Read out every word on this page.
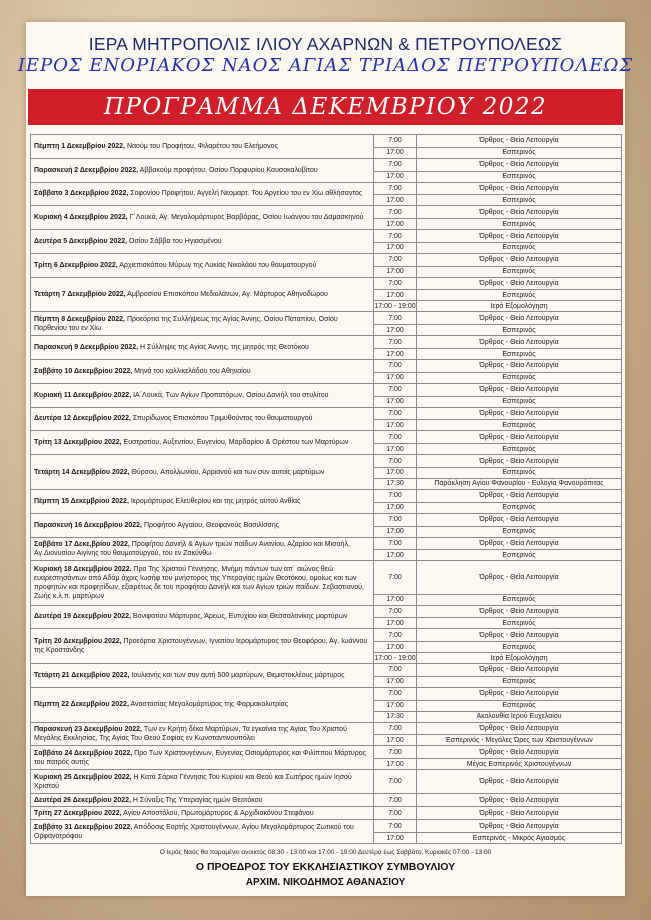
ΙΕΡΑ ΜΗΤΡΟΠΟΛΙΣ ΙΛΙΟΥ ΑΧΑΡΝΩΝ & ΠΕΤΡΟΥΠΟΛΕΩΣ
ΙΕΡΟΣ ΕΝΟΡΙΑΚΟΣ ΝΑΟΣ ΑΓΙΑΣ ΤΡΙΑΔΟΣ ΠΕΤΡΟΥΠΟΛΕΩΣ
ΠΡΟΓΡΑΜΜΑ ΔΕΚΕΜΒΡΙΟΥ 2022
Πέμπτη 1 Δεκεμβρίου 2022, Ναούμ του Προφήτου, Φιλαρέτου του Ελεήμονος	7:00	Όρθρος - Θεία Λειτουργία
	17:00	Εσπερινός
Παρασκευή 2 Δεκεμβρίου 2022, Αββακούμ προφήτου, Οσίου Πορφυρίου Καυσοκαλυβίτου	7:00	Όρθρος - Θεία Λειτουργία
	17:00	Εσπερινός
Σάββατο 3 Δεκεμβρίου 2022, Σοφονίου Προφήτου, Αγγελή Νεομαρτ. Του Αργείου του εν Χίω αθλήσαντος	7:00	Όρθρος - Θεία Λειτουργία
	17:00	Εσπερινός
Κυριακή 4 Δεκεμβρίου 2022, Γ΄Λουκά, Αγ. Μεγαλομάρτυρος Βαρβάρας, Οσίου Ιωάννου του Δαμασκηνού	7:00	Όρθρος - Θεία Λειτουργία
	17:00	Εσπερινός
Δευτέρα 5 Δεκεμβρίου 2022, Οσίου Σάββα του Ηγιασμένου	7:00	Όρθρος - Θεία Λειτουργία
	17:00	Εσπερινός
Τρίτη 6 Δεκεμβρίου 2022, Αρχιεπισκόπου Μύρων της Λυκίας Νικολάου του θαυματουργού	7:00	Όρθρος - Θεία Λειτουργία
	17:00	Εσπερινός
Τετάρτη 7 Δεκεμβρίου 2022, Αμβροσίου Επισκόπου Μεδιολάνων, Αγ. Μάρτυρος Αθηνοδώρου	7:00	Όρθρος - Θεία Λειτουργία
	17:00	Εσπερινός
	17:00 - 19:00	Ιερά Εξομολόγηση
Πέμπτη 8 Δεκεμβρίου 2022, Προεόρτια της Συλλήψεως της Αγίας Άννης, Οσίου Παταπίου, Οσίου Παρθενίου του εν Χίω	7:00	Όρθρος - Θεία Λειτουργία
	17:00	Εσπερινός
Παρασκευή 9 Δεκεμβρίου 2022, Η Σύλληψις της Αγίας Άννης, της μητρός της Θεοτόκου	7:00	Όρθρος - Θεία Λειτουργία
	17:00	Εσπερινός
Σαββάτο 10 Δεκεμβρίου 2022, Μηνά του καλλικελάδου του Αθηναίου	7:00	Όρθρος - Θεία Λειτουργία
	17:00	Εσπερινός
Κυριακή 11 Δεκεμβρίου 2022, ΙΑ΄Λουκά, Των Αγίων Προπατόρων, Οσίου Δανιήλ του στυλίτου	7:00	Όρθρος - Θεία Λειτουργία
	17:00	Εσπερινός
Δευτέρα 12 Δεκεμβρίου 2022, Σπυρίδωνος Επισκόπου Τριμυθούντος του θαυματουργού	7:00	Όρθρος - Θεία Λειτουργία
	17:00	Εσπερινός
Τρίτη 13 Δεκεμβρίου 2022, Ευστρατίου, Αυξεντίου, Ευγενίου, Μαρδαρίου & Ορέστου των Μαρτύρων	7:00	Όρθρος - Θεία Λειτουργία
	17:00	Εσπερινός
Τετάρτη 14 Δεκεμβρίου 2022, Θύρσου, Απολλωνίου, Αρριανού και των συν αυτοίς μαρτύρων	7:00	Όρθρος - Θεία Λειτουργία
	17:00	Εσπερινός
	17:30	Παράκληση Αγίου Φανουρίου - Ευλογία Φανουρόπιτας
Πέμπτη 15 Δεκεμβρίου 2022, Ιερομάρτυρος Ελευθερίου και της μητρός αυτού Ανθίας	7:00	Όρθρος - Θεία Λειτουργία
	17:00	Εσπερινός
Παρασκευή 16 Δεκεμβρίου 2022, Προφήτου Αγγαίου, Θεοφανούς Βασιλίσσης	7:00	Όρθρος - Θεία Λειτουργία
	17:00	Εσπερινός
Σαββάτο 17 Δεκε,βρίου 2022, Προφήτου Δανιήλ & Αγίων τριών παίδων Ανανίου, Αζαρίου και Μισαήλ, Αγ.Διονυσίου Αιγίνης του θαυματουργού, του εν Ζακύνθω	7:00	Όρθρος - Θεία Λειτουργία
	17:00	Εσπερινός
Κυριακή 18 Δεκεμβρίου 2022. Προ Της Χριστού Γέννησης. Μνήμη πάντων των απ᾽ αιώνος θεώ ευαρεστησάντων από Αδάμ άχρις Ιωσήφ του μνήστορος της Υπεραγίας ημών Θεοτόκου, ομοίως και των προφητών και προφητίδων, εξαιρέτως δε του προφήτου Δανιήλ και των Αγίων τριών παίδων. Σεβαστιανού, Ζωής κ.λ.π. μαρτύρων	7:00	Όρθρος - Θεία Λειτουργία
	17:00	Εσπερινός
Δευτέρα 19 Δεκεμβρίου 2022, Βονιφατίου Μάρτυρος, Άρεως, Ευτυχίου και Θεσσαλονίκης μαρτύρων	7:00	Όρθρος - Θεία Λειτουργία
	17:00	Εσπερινός
Τρίτη 20 Δεκεμβρίου 2022, Προεόρτια Χριστουγέννων, Ιγνατίου Ιερομάρτυρος του Θεοφόρου, Αγ. Ιωάννου της Κροστάνδης	7:00	Όρθρος - Θεία Λειτουργία
	17:00	Εσπερινός
	17:00 - 19:00	Ιερά Εξομολόγηση
Τετάρτη 21 Δεκεμβρίου 2022, Ιουλιανής και των συν αυτή 500 μαρτύρων, Θεμιστοκλέους μάρτυρος	7:00	Όρθρος - Θεία Λειτουργία
	17:00	Εσπερινός
Πέμπτη 22 Δεκεμβρίου 2022, Αναστασίας Μεγαλομάρτυρος της Φαρμακολυτρίας	7:00	Όρθρος - Θεία Λειτουργία
	17:00	Εσπερινός
	17:30	Ακολουθία Ιερού Ευχελαίου
Παρασκευή 23 Δεκεμβρίου 2022, Των εν Κρήτη δέκα Μαρτύρων, Τα εγκαίνια της Αγίας Του Χριστού Μεγάλης Εκκλησίας, Της Αγίας Του Θεού Σοφίας εν Κωνσταντινουπόλει	7:00	Όρθρος - Θεία Λειτουργία
	17:00	Έσπερινός - Μεγάλες Ώρες των Χριστουγέννων
Σαββάτο 24 Δεκεμβρίου 2022, Προ Των Χριστουγέννων, Ευγενίας Οσιομάρτυρος και Φιλίππου Μάρτυρος του πατρός αυτής	7:00	Όρθρος - Θεία Λειτουργία
	17:00	Μέγας Εσπερινός Χριστουγέννων
Κυριακή 25 Δεκεμβρίου 2022, Η Κατά Σάρκα Γέννησις Του Κυρίου και Θεού και Σωτήρος ημών Ιησού Χριστού	7:00	Όρθρος - Θεία Λειτουργία
Δευτέρα 26 Δεκεμβρίου 2022, Η Σύναξις Της Υπεραγίας ημών Θεοτόκου	7:00	Όρθρος - Θεία Λειτουργία
Τρίτη 27 Δεκεμβρίου 2022, Αγίου Αποστόλου, Πρωτομάρτυρος & Αρχιδιακόνου Στεφάνου	7:00	Όρθρος - Θεία Λειτουργία
Σαββάτο 31 Δεκεμβρίου 2022, Απόδοσις Εορτής Χριστουγέννων, Αγίου Μεγαλομάρτυρος Ζωτικού του Ορφανοτρόφου	7:00	Όρθρος - Θεία Λειτουργία
	17:00	Εσπερινός - Μικρός Αγιασμός
Ο Ιερός Ναός θα παραμένει ανοικτός 08:30 - 13:00 και 17:00 - 19:00 Δευτέρα έως Σαββάτο, Κυριακές 07:00 - 13:00
Ο ΠΡΟΕΔΡΟΣ ΤΟΥ ΕΚΚΛΗΣΙΑΣΤΙΚΟΥ ΣΥΜΒΟΥΛΙΟΥ
ΑΡΧΙΜ. ΝΙΚΟΔΗΜΟΣ ΑΘΑΝΑΣΙΟΥ
